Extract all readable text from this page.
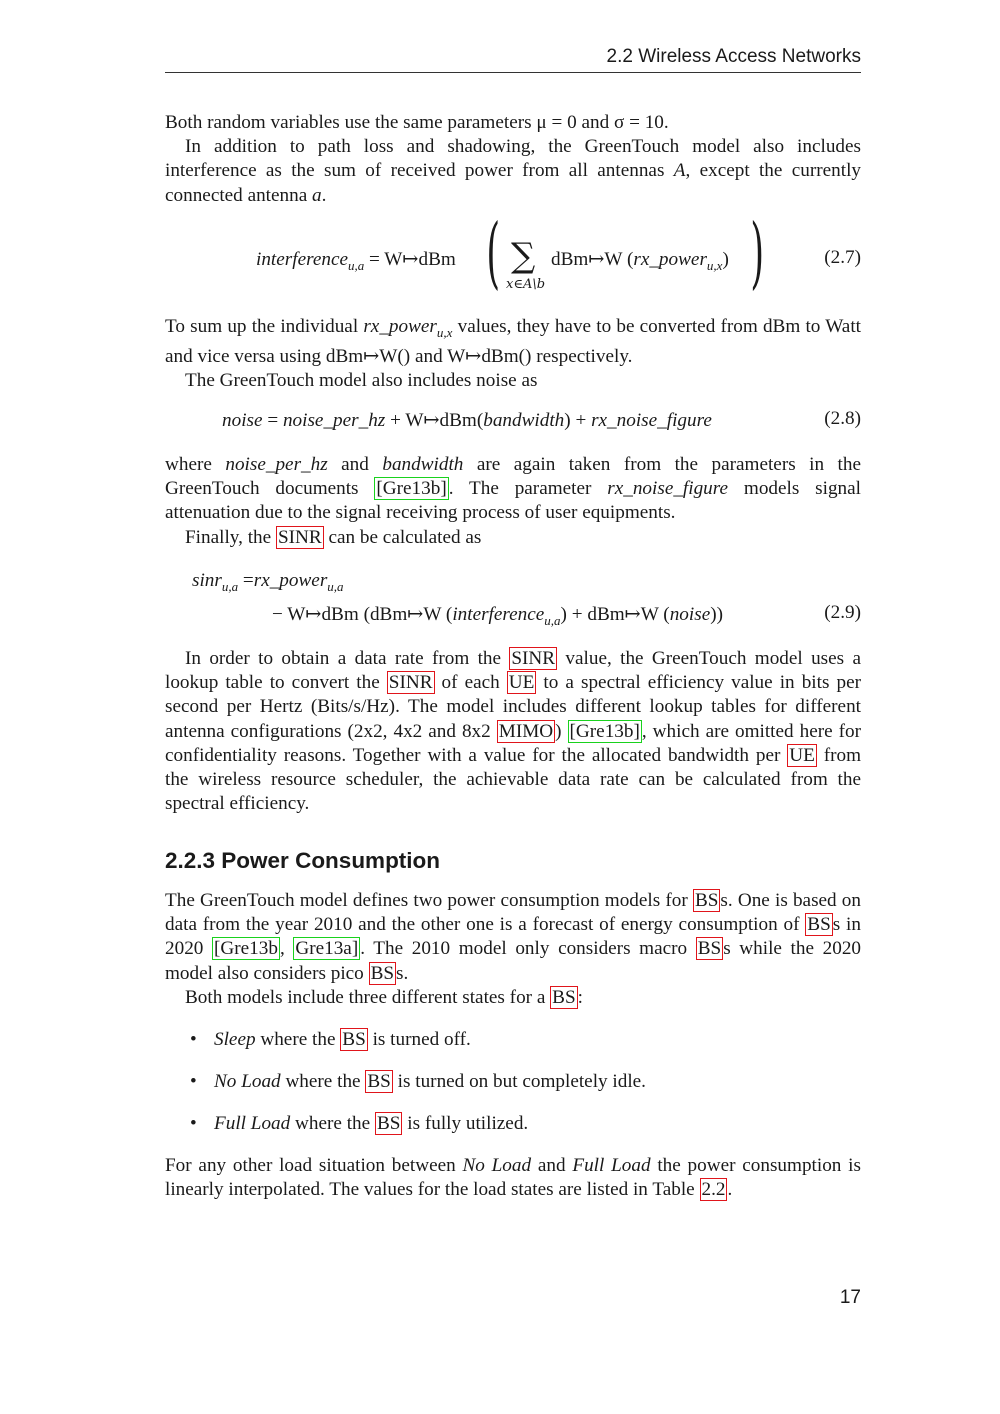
2.2 Wireless Access Networks

Both random variables use the same parameters μ = 0 and σ = 10.

In addition to path loss and shadowing, the GreenTouch model also includes interference as the sum of received power from all antennas A, except the currently connected antenna a.

interference$_{u,a}$ = W↦dBm ( ∑
x∈A\b
dBm↦W (rx_power$_{u,x}$) )	(2.7)

To sum up the individual rx_power$_{u,x}$ values, they have to be converted from dBm to Watt and vice versa using dBm↦W() and W↦dBm() respectively.

The GreenTouch model also includes noise as

noise = noise_per_hz + W↦dBm(bandwidth) + rx_noise_figure	(2.8)

where noise_per_hz and bandwidth are again taken from the parameters in the GreenTouch documents [Gre13b] . The parameter rx_noise_figure models signal attenuation due to the signal receiving process of user equipments.

Finally, the SINR can be calculated as

sinr$_{u,a}$ =rx_power$_{u,a}$
− W↦dBm (dBm↦W (interference$_{u,a}$) + dBm↦W (noise))	(2.9)

In order to obtain a data rate from the SINR value, the GreenTouch model uses a lookup table to convert the SINR of each UE to a spectral efficiency value in bits per second per Hertz (Bits/s/Hz). The model includes different lookup tables for different antenna configurations (2x2, 4x2 and 8x2 MIMO ) [Gre13b] , which are omitted here for confidentiality reasons. Together with a value for the allocated bandwidth per UE from the wireless resource scheduler, the achievable data rate can be calculated from the spectral efficiency.

2.2.3 Power Consumption

The GreenTouch model defines two power consumption models for BS s. One is based on data from the year 2010 and the other one is a forecast of energy consumption of BS s in 2020 [Gre13b , Gre13a] . The 2010 model only considers macro BS s while the 2020 model also considers pico BS s.

Both models include three different states for a BS :

• Sleep where the BS is turned off.
• No Load where the BS is turned on but completely idle.
• Full Load where the BS is fully utilized.

For any other load situation between No Load and Full Load the power consumption is linearly interpolated. The values for the load states are listed in Table 2.2 .

17
